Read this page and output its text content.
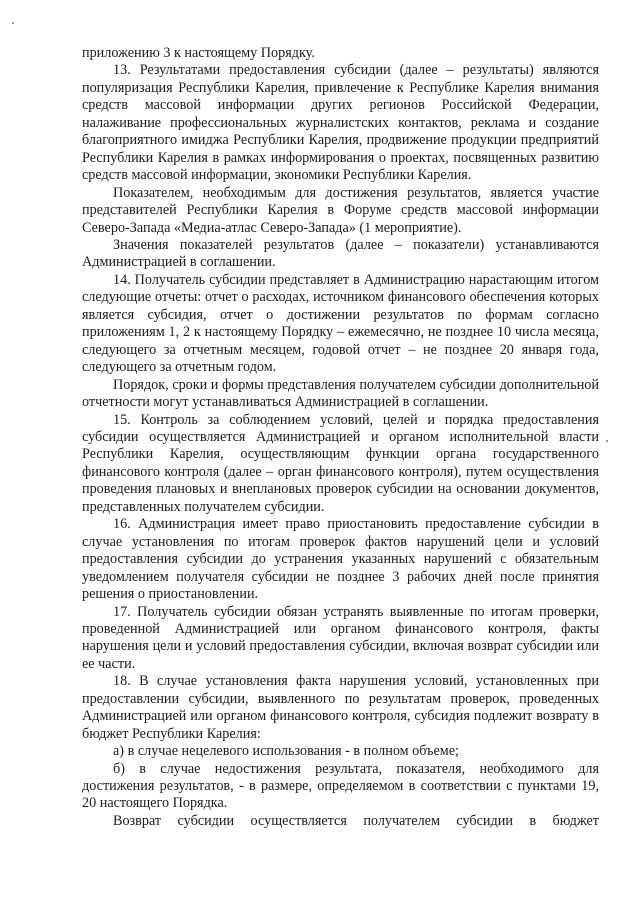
приложению 3 к настоящему Порядку.

13. Результатами предоставления субсидии (далее – результаты) являются популяризация Республики Карелия, привлечение к Республике Карелия внимания средств массовой информации других регионов Российской Федерации, налаживание профессиональных журналистских контактов, реклама и создание благоприятного имиджа Республики Карелия, продвижение продукции предприятий Республики Карелия в рамках информирования о проектах, посвященных развитию средств массовой информации, экономики Республики Карелия.

Показателем, необходимым для достижения результатов, является участие представителей Республики Карелия в Форуме средств массовой информации Северо-Запада «Медиа-атлас Северо-Запада» (1 мероприятие).

Значения показателей результатов (далее – показатели) устанавливаются Администрацией в соглашении.

14. Получатель субсидии представляет в Администрацию нарастающим итогом следующие отчеты: отчет о расходах, источником финансового обеспечения которых является субсидия, отчет о достижении результатов по формам согласно приложениям 1, 2 к настоящему Порядку – ежемесячно, не позднее 10 числа месяца, следующего за отчетным месяцем, годовой отчет – не позднее 20 января года, следующего за отчетным годом.

Порядок, сроки и формы представления получателем субсидии дополнительной отчетности могут устанавливаться Администрацией в соглашении.

15. Контроль за соблюдением условий, целей и порядка предоставления субсидии осуществляется Администрацией и органом исполнительной власти Республики Карелия, осуществляющим функции органа государственного финансового контроля (далее – орган финансового контроля), путем осуществления проведения плановых и внеплановых проверок субсидии на основании документов, представленных получателем субсидии.

16. Администрация имеет право приостановить предоставление субсидии в случае установления по итогам проверок фактов нарушений цели и условий предоставления субсидии до устранения указанных нарушений с обязательным уведомлением получателя субсидии не позднее 3 рабочих дней после принятия решения о приостановлении.

17. Получатель субсидии обязан устранять выявленные по итогам проверки, проведенной Администрацией или органом финансового контроля, факты нарушения цели и условий предоставления субсидии, включая возврат субсидии или ее части.

18. В случае установления факта нарушения условий, установленных при предоставлении субсидии, выявленного по результатам проверок, проведенных Администрацией или органом финансового контроля, субсидия подлежит возврату в бюджет Республики Карелия:

а) в случае нецелевого использования - в полном объеме;

б) в случае недостижения результата, показателя, необходимого для достижения результатов, - в размере, определяемом в соответствии с пунктами 19, 20 настоящего Порядка.

Возврат субсидии осуществляется получателем субсидии в бюджет
